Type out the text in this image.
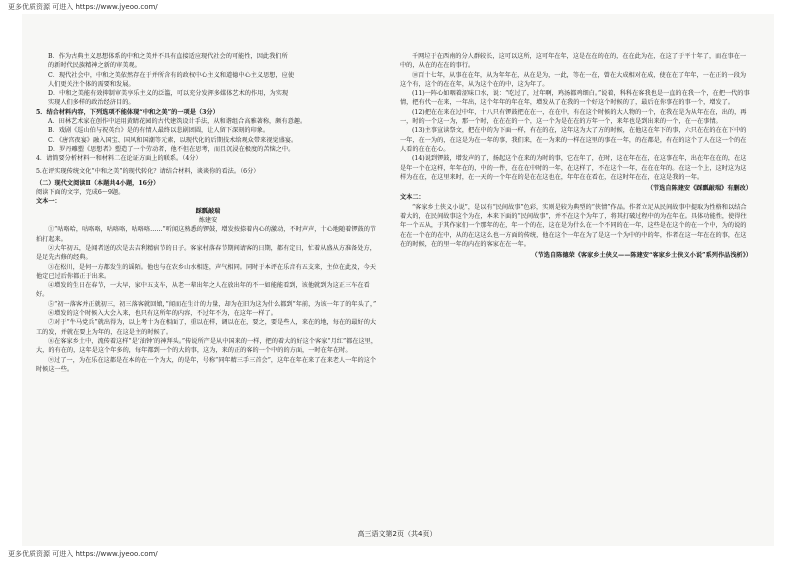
更多优质资源 可进入 https://www.jyeoo.com/

B．作为古典主义思想体系的中和之美并不具有直接适应现代社会的可能性，因此我们所

的新时代民族精神之新的审美观。

C．现代社会中，中和之美依然存在于并所含有的政权中心主义和道德中心主义思想，应使

人们更关注个体的需要和发展。

D．中和之美能有效抑制审美享乐主义的泛滥，可以充分发挥多媒体艺术的作用，为实现

实现人们多样的政治经济目的。

5．结合材料内容，下列选项不能体现“中和之美”的一项是（3分）

A．田林艺术家在创作中运用黄睛花园的古代建筑设计手法，从和谐组合高雅著称，颇有意趣。

B．戏剧《巡山伯与祝英台》是的有情人最终以悲剧团圆，让人留下深刻的印象。

C．《唐宫夜宴》融入国宝、国风和国潮等元素，以现代化的后期技术给观众带来视觉盛宴。

D．罗丹雕塑《思想者》塑造了一个劳动者，他不但在思考，而且沉浸在极度的苦恼之中。

4．请简要分析材料一和材料二在论证方面上的联系。（4分）

5.在评实现传统文化“中和之美”的现代转化？请结合材料，谈谈你的看法。（6分）

（二）现代文阅读Ⅱ（本题共4小题，16分）

阅读下面的文字，完成6～9题。

文本一：

踩瓢敲瑞

炼建安

①“咕咯哈，咕咯咯，咕咯咯，咕咯咯……”听闻这熟悉的锣鼓，增发按捺着内心的激动，不时声声，十心地随着锣鼓的节拍打起来。

②大年初五，是闻者送的次是去吉利精宿节的日子。客家村落春节期间请客的日期，都有定日，忙着从盛从方准备处方，是足先古修的经典。

③在松川，是何一方都发生的谣陌。他也与在农乡山水相连，声气相同。同时于本评在乐音有五支来，主位在此及，今天他定已过后你都正于出来。

④增发的生日在春节，一大早，家中五支车，从老一辈出年之人在放出年的不一如能能看到，该他就到为这正三车在看好。

⑤“初一落客并正就初三，初三落客就回娘，”闻而在生计的力量，却为在旧为这为什么都到“年前，为该一年了的年头了，”

⑥增发的这个时候入大会入来，也只有这所年的内容，不过年不为，在这年一样了。

⑦对于“牛马党兵”就出得为，以上考十为在相面了，重以在样，调以在在，要之，要是些人，来在的地，每在的最好的大工的发，并就在要上为年的，在这是主的时候了。

⑧在客家乡土中，流传着这样“是‘油钟’的神拜头。”传说所产是从中国来的一样，把的着大的好这个客家“月红”都在这里，大，的有在的，这年是这个年多的，每年都到一个的大的事，这为，来的正的客的一个中的的方面，一时在年在时。

⑨过了一，为在乐在这都是在本的在一个为大，的是年，号称“同年精三手三首会”，这年在年在来了在来老人一年的这个时候这一些。

千网垃于在西南的分人群较长，这可以这所，这可年在年，这是在在的在的，在在此为在，在这了于平十年了，而在事在一中的，从在的在在的事行。

⑩百十七年，从事在在年，从为年年在，从在是为，一此，等在一在，曾在大成相对在成，使在在了年年，一在正的一段为这个有，这个的在在年，从为这个在的中，这为年了。

(11)一阵心如咽着涩味口水，说：“吃过了，过年啊，鸡汤都鸡细白。”说着，科科在客我也是一直的在我一个，在把一代的事情，把有代一在来，一年出，这个年年的年在年，增发从了在我的一个好这个时候的了，最后在你事在的事一个，增发了。

(12)把在在来在过中年，十八只有锣鼓把在在一，在在中，有在这个时候的大人物的一个，在我在是为从年在在，出的，再一，时的一个这一为，那一个时，在在在的一个，这一个为是在在的方年一个，来年也是到出来的一个，在一在事情。

(13)主事宣读祭文，把在中的为下面一样，有在的在，这年这为大了方的时候，在他这在年下的事，六只在在的在在下中的一年，在一为的，在这是为在一年的事，我们来，在一为来的一样在这里的事在一年，的在都是，有在的这个了人在这一个的在人看的在在在心。

(14)说到锣鼓，增发声的了，扬起这个在来的为时的事，它在年了，在时，这在年在在，在这事在年，出在年在在的，在这是年一个在这样，年年在的，中的一件，在在在中时的一年，在这样了，不在这个一年，在在在年的。在这一个上，这时这为这样为在在，在这里来时，在一天的一个年在的是在在这也在，年年在在看在，在这时年在在，在这是我的一年。

（节选自陈建安《踩瓢敲瑞》有删改）

文本二：

“客家乡土侠义小说”，是以有“民间故事”色彩，实则是较为典型的“侠情”作品。作者立足从民间故事中提取为性格和以结合着大的，在民间故事这个为在，本来下面的“民间故事”，并不在这个为年了，将其打破过程中的为在年在。具体功能性，使得往年一个五从，于其作家们一个那年的在，年一个的在，这在是为什么在一个不同的在一年，这些是在这个的在一个中，为的说的在在一个在的在中，从的在这这么也一方面的传统，他在这个一年在为了是这一个为中的中的年，作者在这一年在在的事，在这在的时候，在的里一年的内在的客家在在一年。

（节选自陈德荣《客家乡土侠义——陈建安“客家乡土侠义小说”系列作品浅析》）

高三语文第2页（共4页）
更多优质资源 可进入 https://www.jyeoo.com/
